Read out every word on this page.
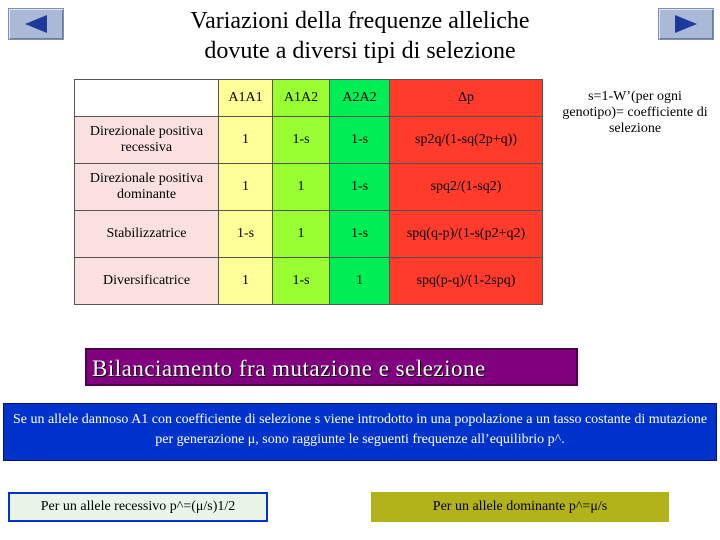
Variazioni della frequenze alleliche
dovute a diversi tipi di selezione
	A1A1	A1A2	A2A2	Δp
Direzionale positiva recessiva	1	1-s	1-s	sp2q/(1-sq(2p+q))
Direzionale positiva dominante	1	1	1-s	spq2/(1-sq2)
Stabilizzatrice	1-s	1	1-s	spq(q-p)/(1-s(p2+q2)
Diversificatrice	1	1-s	1	spq(p-q)/(1-2spq)
s=1-W’(per ogni genotipo)= coefficiente di selezione
Bilanciamento fra mutazione e selezione
Se un allele dannoso A1 con coefficiente di selezione s viene introdotto in una popolazione a un tasso costante di mutazione per generazione μ, sono raggiunte le seguenti frequenze all’equilibrio p^.
Per un allele recessivo p^=(μ/s)1/2	Per un allele dominante p^=μ/s
